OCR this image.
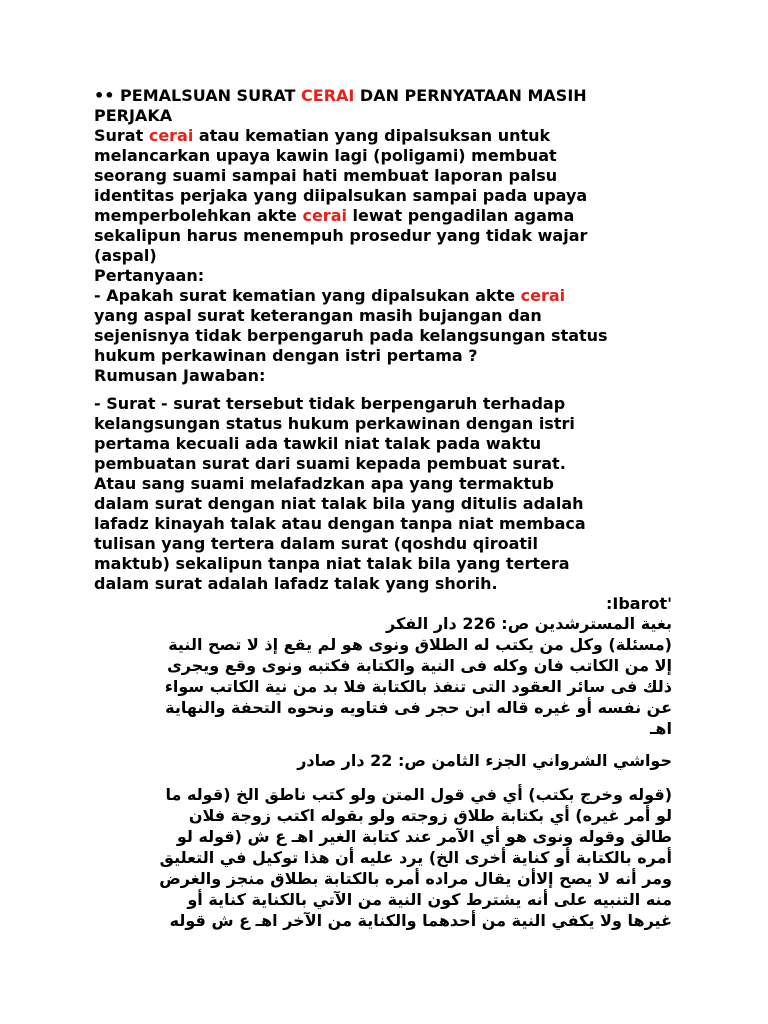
•• PEMALSUAN SURAT CERAI DAN PERNYATAAN MASIH
PERJAKA
Surat cerai atau kematian yang dipalsuksan untuk
melancarkan upaya kawin lagi (poligami) membuat
seorang suami sampai hati membuat laporan palsu
identitas perjaka yang diipalsukan sampai pada upaya
memperbolehkan akte cerai lewat pengadilan agama
sekalipun harus menempuh prosedur yang tidak wajar
(aspal)
Pertanyaan:
- Apakah surat kematian yang dipalsukan akte cerai
yang aspal surat keterangan masih bujangan dan
sejenisnya tidak berpengaruh pada kelangsungan status
hukum perkawinan dengan istri pertama ?
Rumusan Jawaban:
- Surat - surat tersebut tidak berpengaruh terhadap
kelangsungan status hukum perkawinan dengan istri
pertama kecuali ada tawkil niat talak pada waktu
pembuatan surat dari suami kepada pembuat surat.
Atau sang suami melafadzkan apa yang termaktub
dalam surat dengan niat talak bila yang ditulis adalah
lafadz kinayah talak atau dengan tanpa niat membaca
tulisan yang tertera dalam surat (qoshdu qiroatil
maktub) sekalipun tanpa niat talak bila yang tertera
dalam surat adalah lafadz talak yang shorih.
:Ibarot'
بغية المسترشدين ص: 226 دار الفكر
(مسئلة) وكل من يكتب له الطلاق ونوى هو لم يقع إذ لا تصح النية
إلا من الكاتب فان وكله فى النية والكتابة فكتبه ونوى وقع ويجرى
ذلك فى سائر العقود التى تنفذ بالكتابة فلا بد من نية الكاتب سواء
عن نفسه أو غيره قاله ابن حجر فى فتاويه ونحوه التحفة والنهاية
اهـ
حواشي الشرواني الجزء الثامن ص: 22 دار صادر
(قوله وخرج بكتب) أي في قول المتن ولو كتب ناطق الخ (قوله ما
لو أمر غيره) أي بكتابة طلاق زوجته ولو بقوله اكتب زوجة فلان
طالق وقوله ونوى هو أي الآمر عند كتابة الغير اهـ ع ش (قوله لو
أمره بالكتابة أو كناية أخرى الخ) يرد عليه أن هذا توكيل في التعليق
ومر أنه لا يصح إلاأن يقال مراده أمره بالكتابة بطلاق منجز والغرض
منه التنبيه على أنه يشترط كون النية من الآتي بالكناية كناية أو
غيرها ولا يكفي النية من أحدهما والكناية من الآخر اهـ ع ش قوله
